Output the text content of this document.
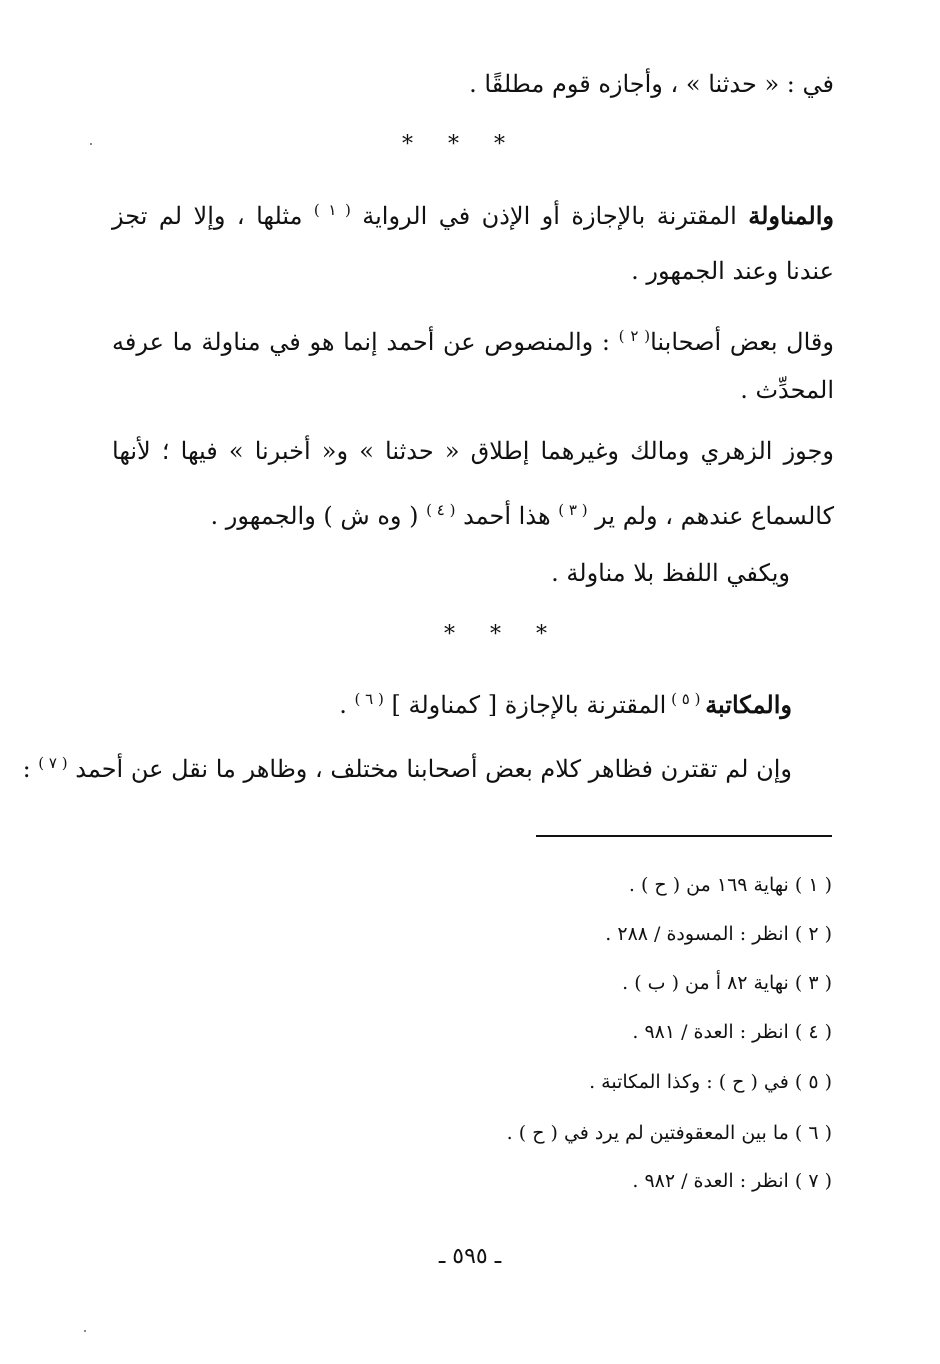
في : « حدثنا » ، وأجازه قوم مطلقًا .
* * *
والمناولة المقترنة بالإجازة أو الإذن في الرواية $^{( ١ )}$ مثلها ، وإلا لم تجز
عندنا وعند الجمهور .
وقال بعض أصحابنا$^{( ٢ )}$ : والمنصوص عن أحمد إنما هو في مناولة ما عرفه
المحدِّث .
وجوز الزهري ومالك وغيرهما إطلاق « حدثنا » و« أخبرنا » فيها ؛ لأنها
كالسماع عندهم ، ولم ير $^{( ٣ )}$ هذا أحمد $^{( ٤ )}$ ( وه ش ) والجمهور .
ويكفي اللفظ بلا مناولة .
* * *
والمكاتبة $^{( ٥ )}$ المقترنة بالإجازة [ كمناولة ] $^{( ٦ )}$ .
وإن لم تقترن فظاهر كلام بعض أصحابنا مختلف ، وظاهر ما نقل عن أحمد $^{( ٧ )}$ :
( ١ ) نهاية ١٦٩ من ( ح ) .
( ٢ ) انظر : المسودة / ٢٨٨ .
( ٣ ) نهاية ٨٢ أ من ( ب ) .
( ٤ ) انظر : العدة / ٩٨١ .
( ٥ ) في ( ح ) : وكذا المكاتبة .
( ٦ ) ما بين المعقوفتين لم يرد في ( ح ) .
( ٧ ) انظر : العدة / ٩٨٢ .
ـ ٥٩٥ ـ
